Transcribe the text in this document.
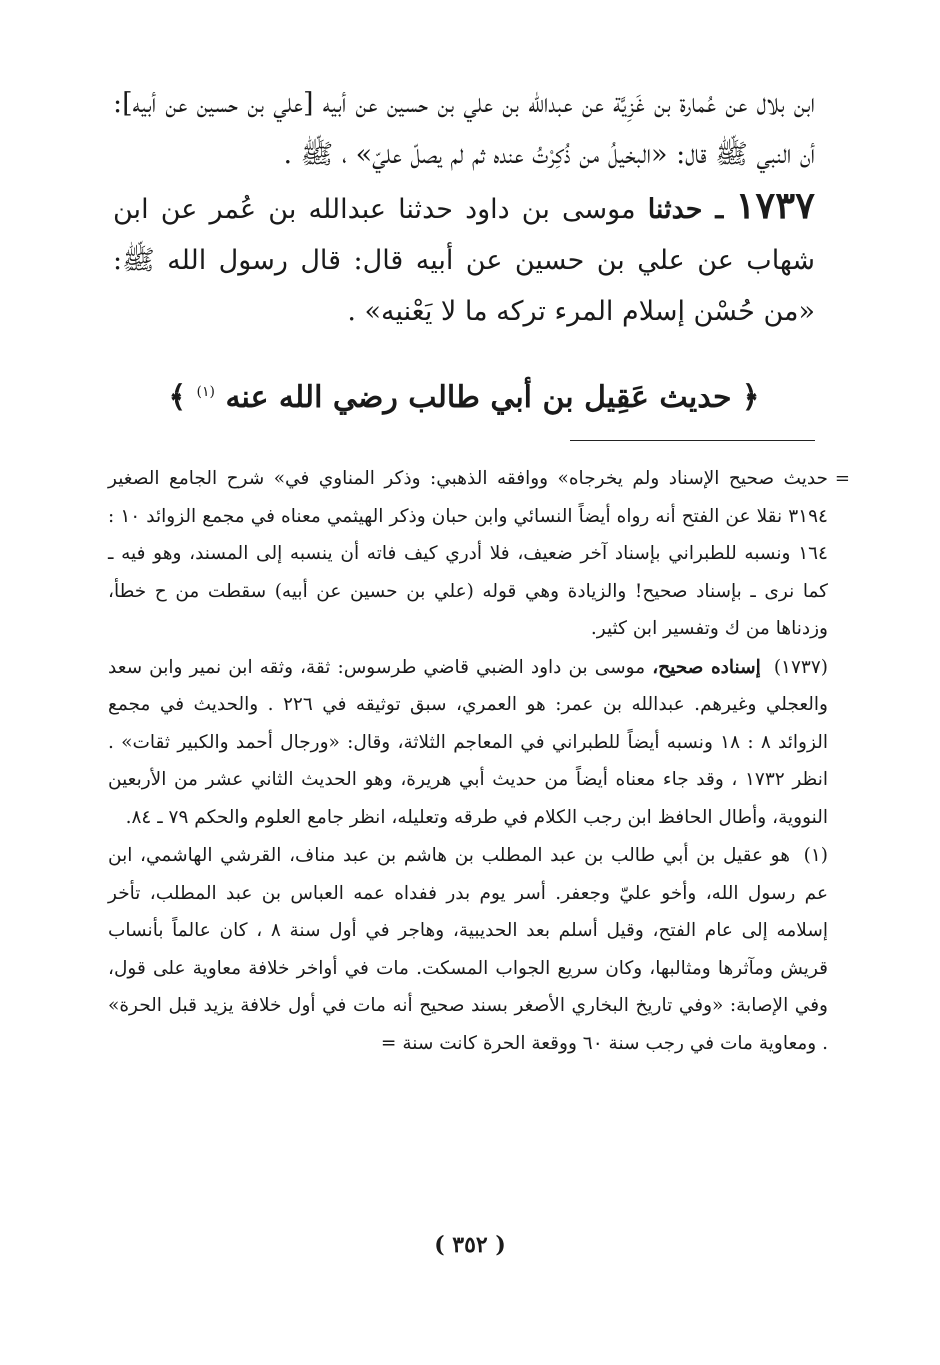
ابن بلال عن عُمارة بن غَزِيَّة عن عبدالله بن علي بن حسين عن أبيه [علي بن حسين عن أبيه]: أن النبي ﷺ قال: «البخيلُ من ذُكِرْتُ عنده ثم لم يصلّ عليّ» ، ﷺ .

١٧٣٧ ـ حدثنا موسى بن داود حدثنا عبدالله بن عُمر عن ابن شهاب عن علي بن حسين عن أبيه قال: قال رسول الله ﷺ: «من حُسْن إسلام المرء تركه ما لا يَعْنيه» .

﴿ حديث عَقِيل بن أبي طالب رضي الله عنه $^{(١)}$ ﴾

=
حديث صحيح الإسناد ولم يخرجاه» ووافقه الذهبي: وذكر المناوي في» شرح الجامع الصغير ٣١٩٤ نقلا عن الفتح أنه رواه أيضاً النسائي وابن حبان وذكر الهيثمي معناه في مجمع الزوائد ١٠ : ١٦٤ ونسبه للطبراني بإسناد آخر ضعيف، فلا أدري كيف فاته أن ينسبه إلى المسند، وهو فيه ـ كما نرى ـ بإسناد صحيح! والزيادة وهي قوله (علي بن حسين عن أبيه) سقطت من ح خطأ، وزدناها من ك وتفسير ابن كثير.

(١٧٣٧) إسناده صحيح، موسى بن داود الضبي قاضي طرسوس: ثقة، وثقه ابن نمير وابن سعد والعجلي وغيرهم. عبدالله بن عمر: هو العمري، سبق توثيقه في ٢٢٦ . والحديث في مجمع الزوائد ٨ : ١٨ ونسبه أيضاً للطبراني في المعاجم الثلاثة، وقال: «ورجال أحمد والكبير ثقات» . انظر ١٧٣٢ ، وقد جاء معناه أيضاً من حديث أبي هريرة، وهو الحديث الثاني عشر من الأربعين النووية، وأطال الحافظ ابن رجب الكلام في طرقه وتعليله، انظر جامع العلوم والحكم ٧٩ ـ ٨٤.

(١) هو عقيل بن أبي طالب بن عبد المطلب بن هاشم بن عبد مناف، القرشي الهاشمي، ابن عم رسول الله، وأخو عليّ وجعفر. أسر يوم بدر ففداه عمه العباس بن عبد المطلب، تأخر إسلامه إلى عام الفتح، وقيل أسلم بعد الحديبية، وهاجر في أول سنة ٨ ، كان عالماً بأنساب قريش ومآثرها ومثالبها، وكان سريع الجواب المسكت. مات في أواخر خلافة معاوية على قول، وفي الإصابة: «وفي تاريخ البخاري الأصغر بسند صحيح أنه مات في أول خلافة يزيد قبل الحرة» . ومعاوية مات في رجب سنة ٦٠ ووقعة الحرة كانت سنة =

( ٣٥٢ )
